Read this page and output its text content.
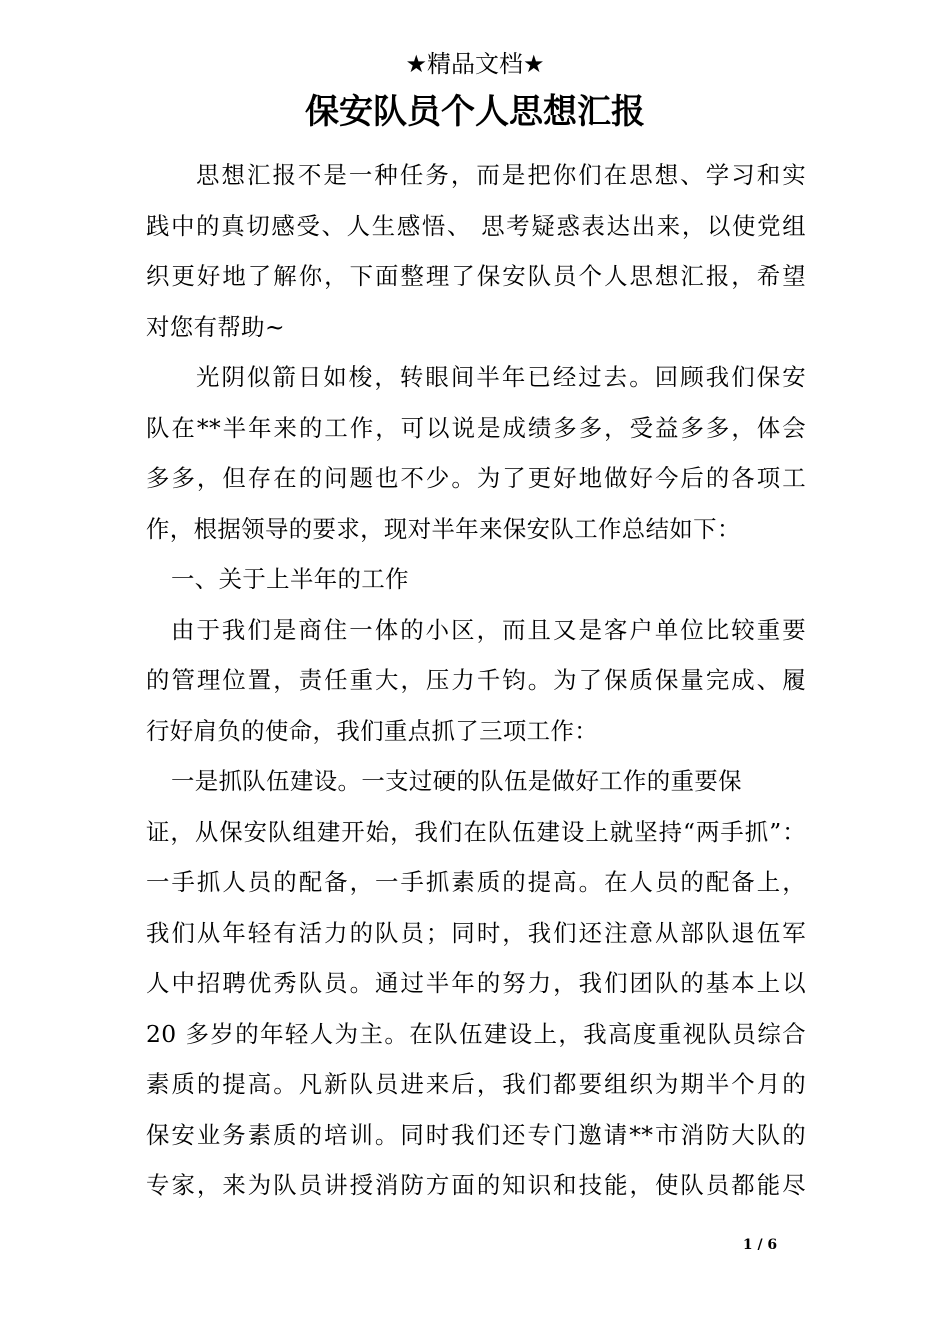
★精品文档★
保安队员个人思想汇报
思想汇报不是一种任务，而是把你们在思想、学习和实
践中的真切感受、人生感悟、 思考疑惑表达出来，以使党组
织更好地了解你，下面整理了保安队员个人思想汇报，希望
对您有帮助~
光阴似箭日如梭，转眼间半年已经过去。回顾我们保安
队在**半年来的工作，可以说是成绩多多，受益多多，体会
多多，但存在的问题也不少。为了更好地做好今后的各项工
作，根据领导的要求，现对半年来保安队工作总结如下：
一、关于上半年的工作
由于我们是商住一体的小区，而且又是客户单位比较重要
的管理位置，责任重大，压力千钧。为了保质保量完成、履
行好肩负的使命，我们重点抓了三项工作：
一是抓队伍建设。一支过硬的队伍是做好工作的重要保
证，从保安队组建开始，我们在队伍建设上就坚持“两手抓”：
一手抓人员的配备，一手抓素质的提高。在人员的配备上，
我们从年轻有活力的队员；同时，我们还注意从部队退伍军
人中招聘优秀队员。通过半年的努力，我们团队的基本上以
20 多岁的年轻人为主。在队伍建设上，我高度重视队员综合
素质的提高。凡新队员进来后，我们都要组织为期半个月的
保安业务素质的培训。同时我们还专门邀请**市消防大队的
专家，来为队员讲授消防方面的知识和技能，使队员都能尽
1 / 6
